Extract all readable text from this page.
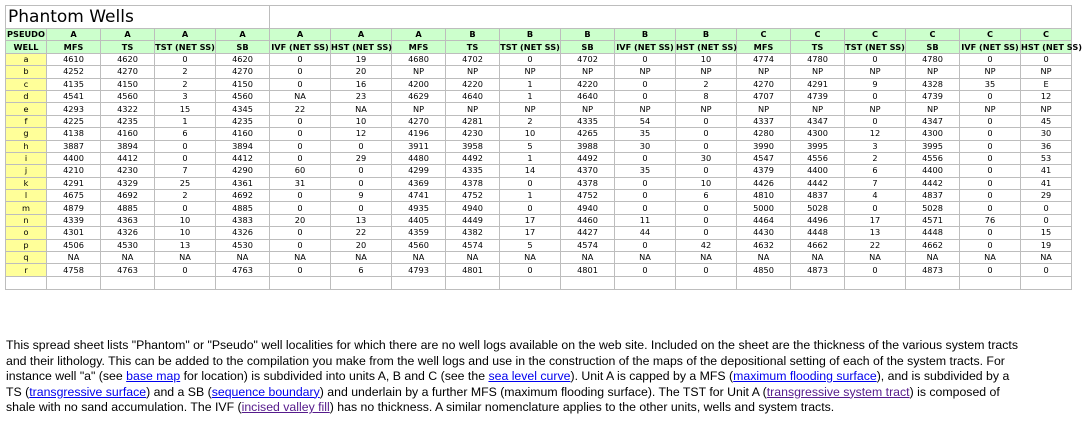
Phantom Wells																		
PSEUDO	A	A	A	A	A	A	A	B	B	B	B	B	C	C	C	C	C	C
WELL	MFS	TS	TST (NET SS)	SB	IVF (NET SS)	HST (NET SS)	MFS	TS	TST (NET SS)	SB	IVF (NET SS)	HST (NET SS)	MFS	TS	TST (NET SS)	SB	IVF (NET SS)	HST (NET SS)
a	4610	4620	0	4620	0	19	4680	4702	0	4702	0	10	4774	4780	0	4780	0	0
b	4252	4270	2	4270	0	20	NP	NP	NP	NP	NP	NP	NP	NP	NP	NP	NP	NP
c	4135	4150	2	4150	0	16	4200	4220	1	4220	0	2	4270	4291	9	4328	35	E
d	4541	4560	3	4560	NA	23	4629	4640	1	4640	0	8	4707	4739	0	4739	0	12
e	4293	4322	15	4345	22	NA	NP	NP	NP	NP	NP	NP	NP	NP	NP	NP	NP	NP
f	4225	4235	1	4235	0	10	4270	4281	2	4335	54	0	4337	4347	0	4347	0	45
g	4138	4160	6	4160	0	12	4196	4230	10	4265	35	0	4280	4300	12	4300	0	30
h	3887	3894	0	3894	0	0	3911	3958	5	3988	30	0	3990	3995	3	3995	0	36
i	4400	4412	0	4412	0	29	4480	4492	1	4492	0	30	4547	4556	2	4556	0	53
j	4210	4230	7	4290	60	0	4299	4335	14	4370	35	0	4379	4400	6	4400	0	41
k	4291	4329	25	4361	31	0	4369	4378	0	4378	0	10	4426	4442	7	4442	0	41
l	4675	4692	2	4692	0	9	4741	4752	1	4752	0	6	4810	4837	4	4837	0	29
m	4879	4885	0	4885	0	0	4935	4940	0	4940	0	0	5000	5028	0	5028	0	0
n	4339	4363	10	4383	20	13	4405	4449	17	4460	11	0	4464	4496	17	4571	76	0
o	4301	4326	10	4326	0	22	4359	4382	17	4427	44	0	4430	4448	13	4448	0	15
p	4506	4530	13	4530	0	20	4560	4574	5	4574	0	42	4632	4662	22	4662	0	19
q	NA	NA	NA	NA	NA	NA	NA	NA	NA	NA	NA	NA	NA	NA	NA	NA	NA	NA
r	4758	4763	0	4763	0	6	4793	4801	0	4801	0	0	4850	4873	0	4873	0	0

This spread sheet lists "Phantom" or "Pseudo" well localities for which there are no well logs available on the web site. Included on the sheet are the thickness of the various system tracts and their lithology. This can be added to the compilation you make from the well logs and use in the construction of the maps of the depositional setting of each of the system tracts. For instance well "a" (see base map for location) is subdivided into units A, B and C (see the sea level curve). Unit A is capped by a MFS (maximum flooding surface), and is subdivided by a TS (transgressive surface) and a SB (sequence boundary) and underlain by a further MFS (maximum flooding surface). The TST for Unit A (transgressive system tract) is composed of shale with no sand accumulation. The IVF (incised valley fill) has no thickness. A similar nomenclature applies to the other units, wells and system tracts.
